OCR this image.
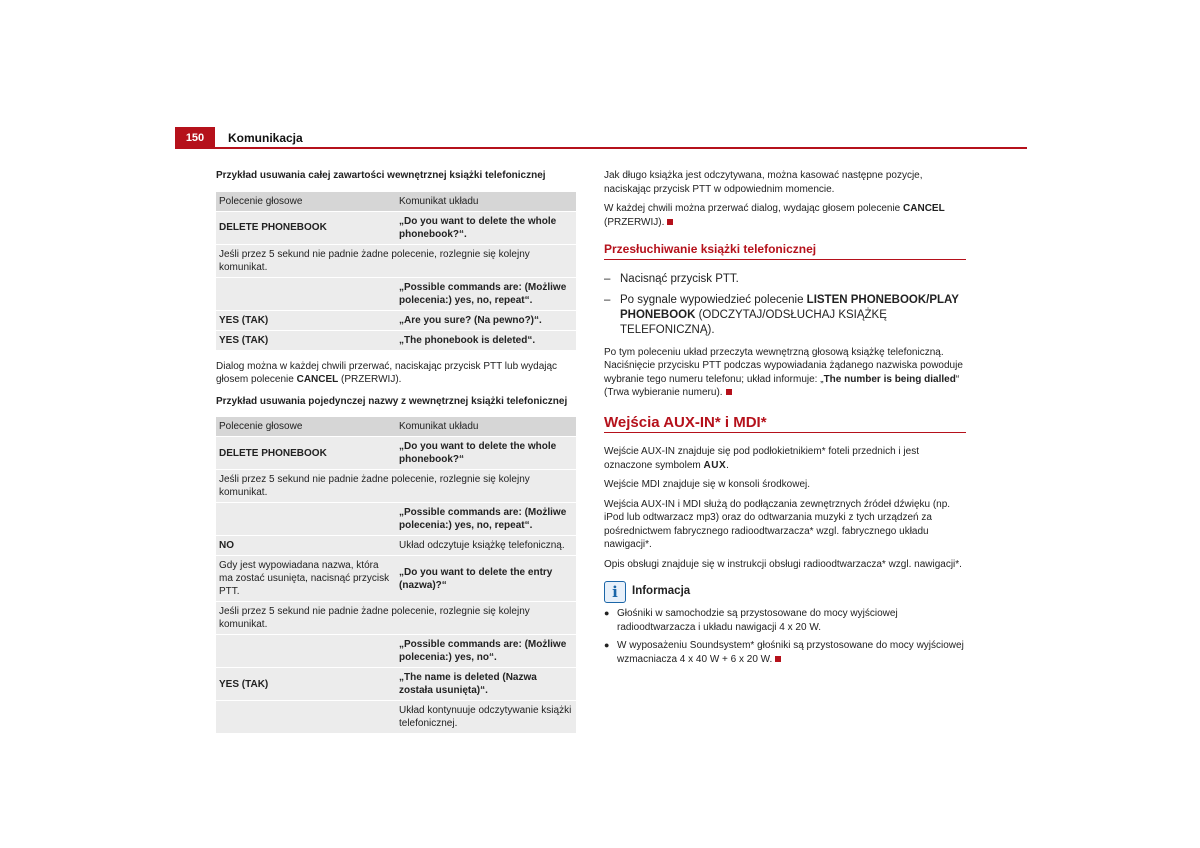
150	Komunikacja

Przykład usuwania całej zawartości wewnętrznej książki telefonicznej

Polecenie głosowe	Komunikat układu
DELETE PHONEBOOK	„Do you want to delete the whole phonebook?“.
Jeśli przez 5 sekund nie padnie żadne polecenie, rozlegnie się kolejny komunikat.	
	„Possible commands are: (Możliwe polecenia:) yes, no, repeat“.
YES (TAK)	„Are you sure? (Na pewno?)“.
YES (TAK)	„The phonebook is deleted“.

Dialog można w każdej chwili przerwać, naciskając przycisk PTT lub wydając głosem polecenie CANCEL (PRZERWIJ).

Przykład usuwania pojedynczej nazwy z wewnętrznej książki telefonicznej

Polecenie głosowe	Komunikat układu
DELETE PHONEBOOK	„Do you want to delete the whole phonebook?“
Jeśli przez 5 sekund nie padnie żadne polecenie, rozlegnie się kolejny komunikat.	
	„Possible commands are: (Możliwe polecenia:) yes, no, repeat“.
NO	Układ odczytuje książkę telefoniczną.
Gdy jest wypowiadana nazwa, która ma zostać usunięta, nacisnąć przycisk PTT.	„Do you want to delete the entry (nazwa)?“
Jeśli przez 5 sekund nie padnie żadne polecenie, rozlegnie się kolejny komunikat.	
	„Possible commands are: (Możliwe polecenia:) yes, no“.
YES (TAK)	„The name is deleted (Nazwa została usunięta)“.
	Układ kontynuuje odczytywanie książki telefonicznej.

Jak długo książka jest odczytywana, można kasować następne pozycje, naciskając przycisk PTT w odpowiednim momencie.

W każdej chwili można przerwać dialog, wydając głosem polecenie CANCEL (PRZERWIJ).

Przesłuchiwanie książki telefonicznej
– Nacisnąć przycisk PTT.
– Po sygnale wypowiedzieć polecenie LISTEN PHONEBOOK/PLAY PHONEBOOK (ODCZYTAJ/ODSŁUCHAJ KSIĄŻKĘ TELEFONICZNĄ).

Po tym poleceniu układ przeczyta wewnętrzną głosową książkę telefoniczną. Naciśnięcie przycisku PTT podczas wypowiadania żądanego nazwiska powoduje wybranie tego numeru telefonu; układ informuje: „The number is being dialled“ (Trwa wybieranie numeru).

Wejścia AUX-IN* i MDI*

Wejście AUX-IN znajduje się pod podłokietnikiem* foteli przednich i jest oznaczone symbolem AUX.

Wejście MDI znajduje się w konsoli środkowej.

Wejścia AUX-IN i MDI służą do podłączania zewnętrznych źródeł dźwięku (np. iPod lub odtwarzacz mp3) oraz do odtwarzania muzyki z tych urządzeń za pośrednictwem fabrycznego radioodtwarzacza* wzgl. fabrycznego układu nawigacji*.

Opis obsługi znajduje się w instrukcji obsługi radioodtwarzacza* wzgl. nawigacji*.

i	Informacja
● Głośniki w samochodzie są przystosowane do mocy wyjściowej radioodtwarzacza i układu nawigacji 4 x 20 W.
● W wyposażeniu Soundsystem* głośniki są przystosowane do mocy wyjściowej wzmacniacza 4 x 40 W + 6 x 20 W.
